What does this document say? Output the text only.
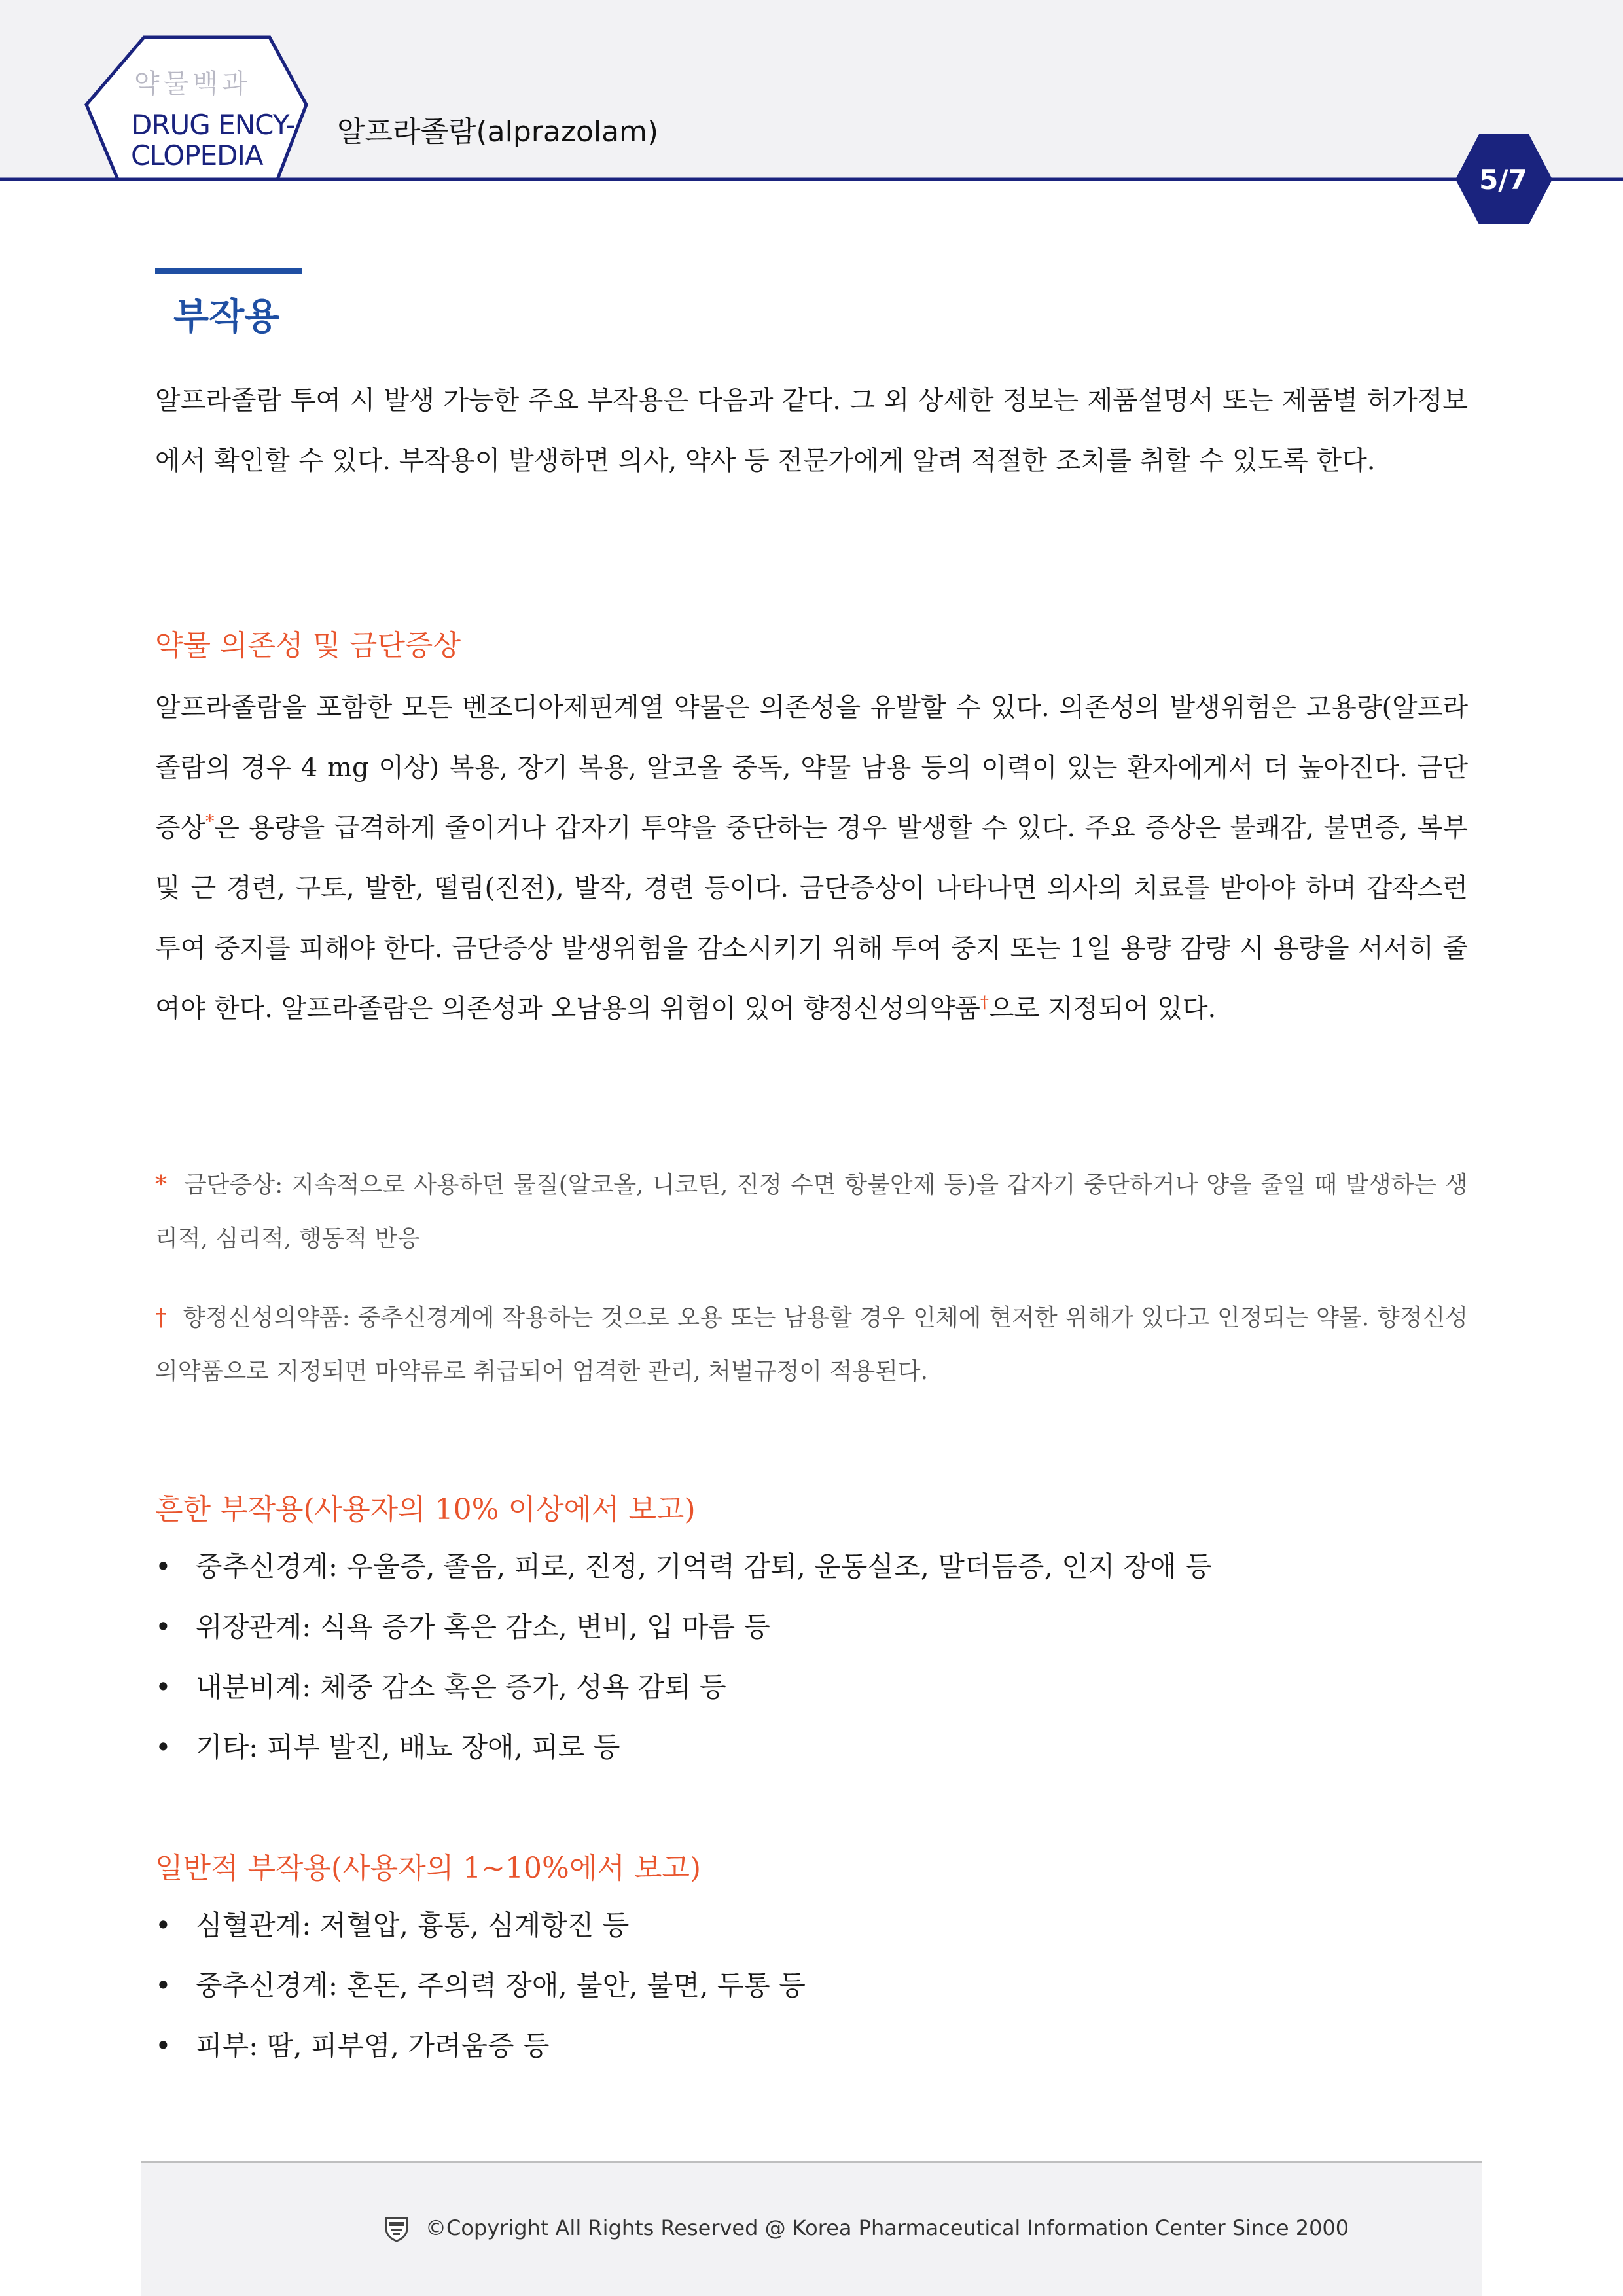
약물백과
DRUG ENCY-
CLOPEDIA
알프라졸람(alprazolam)
5/7
부작용
알프라졸람 투여 시 발생 가능한 주요 부작용은 다음과 같다. 그 외 상세한 정보는 제품설명서 또는 제품별 허가정보에서 확인할 수 있다. 부작용이 발생하면 의사, 약사 등 전문가에게 알려 적절한 조치를 취할 수 있도록 한다.
약물 의존성 및 금단증상
알프라졸람을 포함한 모든 벤조디아제핀계열 약물은 의존성을 유발할 수 있다. 의존성의 발생위험은 고용량(알프라졸람의 경우 4 mg 이상) 복용, 장기 복용, 알코올 중독, 약물 남용 등의 이력이 있는 환자에게서 더 높아진다. 금단증상*은 용량을 급격하게 줄이거나 갑자기 투약을 중단하는 경우 발생할 수 있다. 주요 증상은 불쾌감, 불면증, 복부 및 근 경련, 구토, 발한, 떨림(진전), 발작, 경련 등이다. 금단증상이 나타나면 의사의 치료를 받아야 하며 갑작스런 투여 중지를 피해야 한다. 금단증상 발생위험을 감소시키기 위해 투여 중지 또는 1일 용량 감량 시 용량을 서서히 줄여야 한다. 알프라졸람은 의존성과 오남용의 위험이 있어 향정신성의약품†으로 지정되어 있다.
* 금단증상: 지속적으로 사용하던 물질(알코올, 니코틴, 진정 수면 항불안제 등)을 갑자기 중단하거나 양을 줄일 때 발생하는 생리적, 심리적, 행동적 반응
† 향정신성의약품: 중추신경계에 작용하는 것으로 오용 또는 남용할 경우 인체에 현저한 위해가 있다고 인정되는 약물. 향정신성의약품으로 지정되면 마약류로 취급되어 엄격한 관리, 처벌규정이 적용된다.
흔한 부작용(사용자의 10% 이상에서 보고)
• 중추신경계: 우울증, 졸음, 피로, 진정, 기억력 감퇴, 운동실조, 말더듬증, 인지 장애 등
• 위장관계: 식욕 증가 혹은 감소, 변비, 입 마름 등
• 내분비계: 체중 감소 혹은 증가, 성욕 감퇴 등
• 기타: 피부 발진, 배뇨 장애, 피로 등
일반적 부작용(사용자의 1~10%에서 보고)
• 심혈관계: 저혈압, 흉통, 심계항진 등
• 중추신경계: 혼돈, 주의력 장애, 불안, 불면, 두통 등
• 피부: 땀, 피부염, 가려움증 등
©Copyright All Rights Reserved @ Korea Pharmaceutical Information Center Since 2000
